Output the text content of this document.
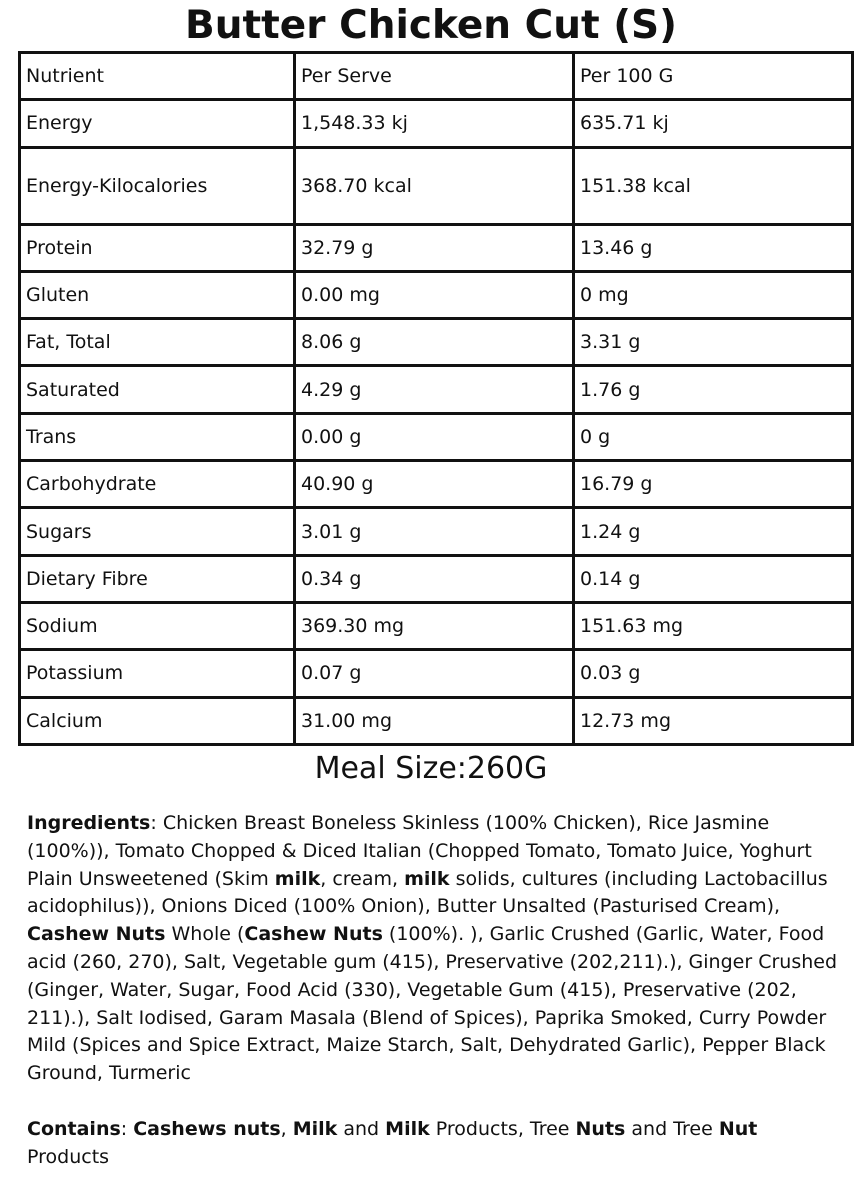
Butter Chicken Cut (S)
Nutrient	Per Serve	Per 100 G
Energy	1,548.33 kj	635.71 kj
Energy-Kilocalories	368.70 kcal	151.38 kcal
Protein	32.79 g	13.46 g
Gluten	0.00 mg	0 mg
Fat, Total	8.06 g	3.31 g
Saturated	4.29 g	1.76 g
Trans	0.00 g	0 g
Carbohydrate	40.90 g	16.79 g
Sugars	3.01 g	1.24 g
Dietary Fibre	0.34 g	0.14 g
Sodium	369.30 mg	151.63 mg
Potassium	0.07 g	0.03 g
Calcium	31.00 mg	12.73 mg
Meal Size:260G

Ingredients: Chicken Breast Boneless Skinless (100% Chicken), Rice Jasmine (100%)), Tomato Chopped & Diced Italian (Chopped Tomato, Tomato Juice, Yoghurt Plain Unsweetened (Skim milk, cream, milk solids, cultures (including Lactobacillus acidophilus)), Onions Diced (100% Onion), Butter Unsalted (Pasturised Cream), Cashew Nuts Whole (Cashew Nuts (100%). ), Garlic Crushed (Garlic, Water, Food acid (260, 270), Salt, Vegetable gum (415), Preservative (202,211).), Ginger Crushed (Ginger, Water, Sugar, Food Acid (330), Vegetable Gum (415), Preservative (202, 211).), Salt Iodised, Garam Masala (Blend of Spices), Paprika Smoked, Curry Powder Mild (Spices and Spice Extract, Maize Starch, Salt, Dehydrated Garlic), Pepper Black Ground, Turmeric

Contains: Cashews nuts, Milk and Milk Products, Tree Nuts and Tree Nut Products
